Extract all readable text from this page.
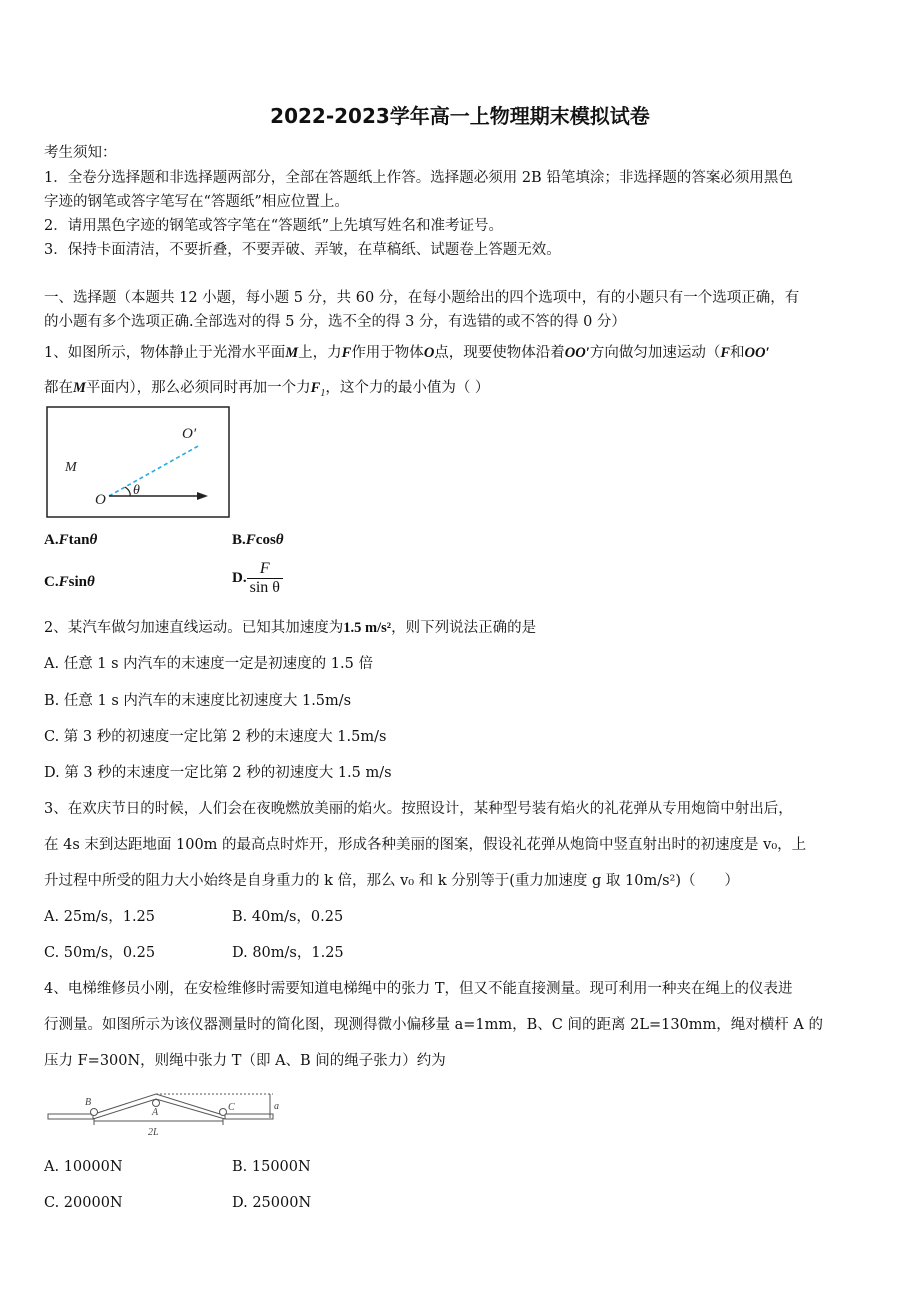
2022-2023学年高一上物理期末模拟试卷
考生须知：
1．全卷分选择题和非选择题两部分，全部在答题纸上作答。选择题必须用 2B 铅笔填涂；非选择题的答案必须用黑色
字迹的钢笔或答字笔写在“答题纸”相应位置上。
2．请用黑色字迹的钢笔或答字笔在“答题纸”上先填写姓名和准考证号。
3．保持卡面清洁，不要折叠，不要弄破、弄皱，在草稿纸、试题卷上答题无效。
一、选择题（本题共 12 小题，每小题 5 分，共 60 分，在每小题给出的四个选项中，有的小题只有一个选项正确，有
的小题有多个选项正确.全部选对的得 5 分，选不全的得 3 分，有选错的或不答的得 0 分）
1、如图所示，物体静止于光滑水平面M上，力F作用于物体O点，现要使物体沿着OO′方向做匀加速运动（F和OO′
都在M平面内），那么必须同时再加一个力$F_1$，这个力的最小值为（ ）
M
O
O′
θ
A.Ftanθ	B.Fcosθ
C.Fsinθ	D. $\frac{F}{\text{sin θ}}$
2、某汽车做匀加速直线运动。已知其加速度为1.5 m/s²，则下列说法正确的是
A. 任意 1 s 内汽车的末速度一定是初速度的 1.5 倍
B. 任意 1 s 内汽车的末速度比初速度大 1.5m/s
C. 第 3 秒的初速度一定比第 2 秒的末速度大 1.5m/s
D. 第 3 秒的末速度一定比第 2 秒的初速度大 1.5 m/s
3、在欢庆节日的时候，人们会在夜晚燃放美丽的焰火。按照设计，某种型号装有焰火的礼花弹从专用炮筒中射出后，
在 4s 末到达距地面 100m 的最高点时炸开，形成各种美丽的图案，假设礼花弹从炮筒中竖直射出时的初速度是 v₀，上
升过程中所受的阻力大小始终是自身重力的 k 倍，那么 v₀ 和 k 分别等于(重力加速度 g 取 10m/s²)（　　）
A. 25m/s，1.25	B. 40m/s，0.25
C. 50m/s，0.25	D. 80m/s，1.25
4、电梯维修员小刚，在安检维修时需要知道电梯绳中的张力 T，但又不能直接测量。现可利用一种夹在绳上的仪表进
行测量。如图所示为该仪器测量时的简化图，现测得微小偏移量 a=1mm，B、C 间的距离 2L=130mm，绳对横杆 A 的
压力 F=300N，则绳中张力 T（即 A、B 间的绳子张力）约为
B
A	C	a
2L
A. 10000N	B. 15000N
C. 20000N	D. 25000N
